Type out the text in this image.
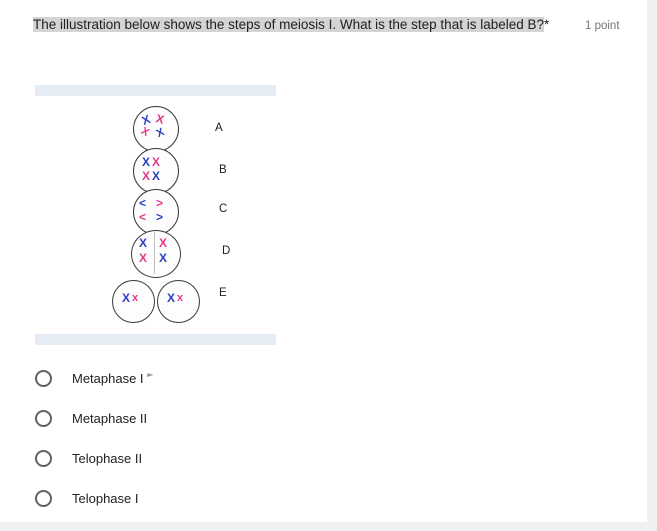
The illustration below shows the steps of meiosis I. What is the step that is labeled B?*	1 point
X X
X X	A
X X
X X	B
< >
< >
C
X X
X X	D
X x X x	E
Metaphase I
Metaphase II
Telophase II
Telophase I
